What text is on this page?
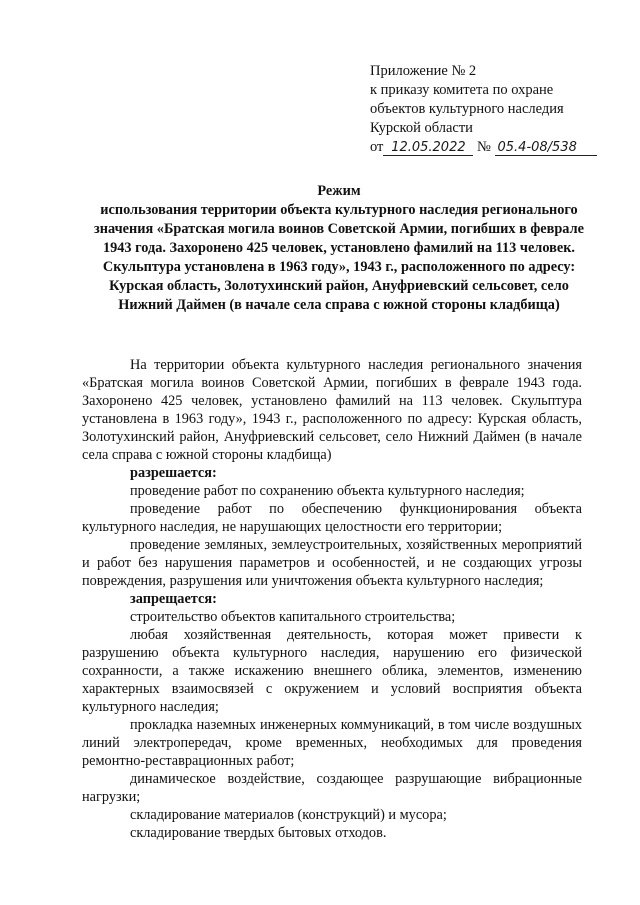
Приложение № 2
к приказу комитета по охране
объектов культурного наследия
Курской области
от 12.05.2022 № 05.4-08/538
Режим
использования территории объекта культурного наследия регионального значения «Братская могила воинов Советской Армии, погибших в феврале 1943 года. Захоронено 425 человек, установлено фамилий на 113 человек. Скульптура установлена в 1963 году», 1943 г., расположенного по адресу: Курская область, Золотухинский район, Ануфриевский сельсовет, село Нижний Даймен (в начале села справа с южной стороны кладбища)

На территории объекта культурного наследия регионального значения «Братская могила воинов Советской Армии, погибших в феврале 1943 года. Захоронено 425 человек, установлено фамилий на 113 человек. Скульптура установлена в 1963 году», 1943 г., расположенного по адресу: Курская область, Золотухинский район, Ануфриевский сельсовет, село Нижний Даймен (в начале села справа с южной стороны кладбища)

разрешается:

проведение работ по сохранению объекта культурного наследия;

проведение работ по обеспечению функционирования объекта культурного наследия, не нарушающих целостности его территории;

проведение земляных, землеустроительных, хозяйственных мероприятий и работ без нарушения параметров и особенностей, и не создающих угрозы повреждения, разрушения или уничтожения объекта культурного наследия;

запрещается:

строительство объектов капитального строительства;

любая хозяйственная деятельность, которая может привести к разрушению объекта культурного наследия, нарушению его физической сохранности, а также искажению внешнего облика, элементов, изменению характерных взаимосвязей с окружением и условий восприятия объекта культурного наследия;

прокладка наземных инженерных коммуникаций, в том числе воздушных линий электропередач, кроме временных, необходимых для проведения ремонтно-реставрационных работ;

динамическое воздействие, создающее разрушающие вибрационные нагрузки;

складирование материалов (конструкций) и мусора;

складирование твердых бытовых отходов.
